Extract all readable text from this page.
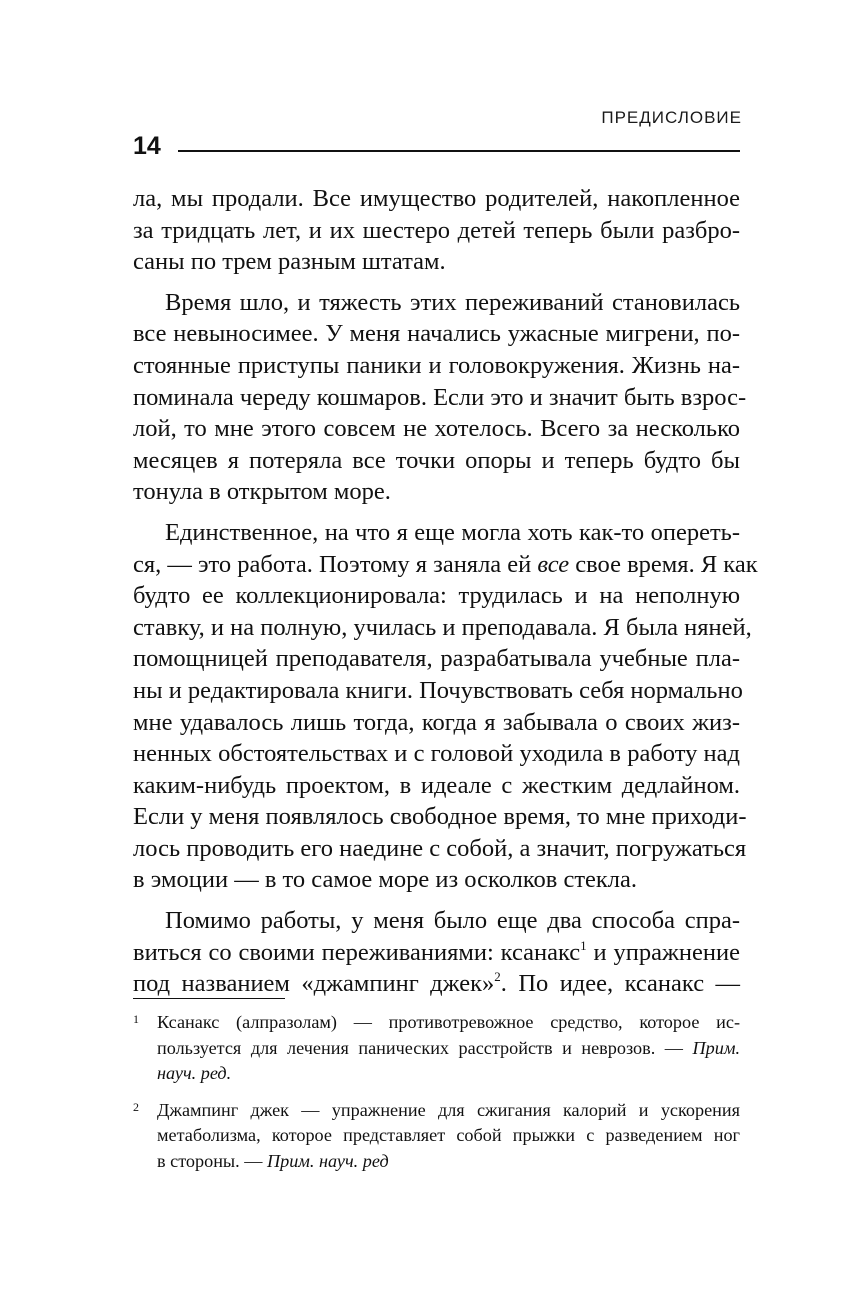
ПРЕДИСЛОВИЕ
14

ла, мы продали. Все имущество родителей, накопленное
за тридцать лет, и их шестеро детей теперь были разбро-
саны по трем разным штатам.

Время шло, и тяжесть этих переживаний становилась
все невыносимее. У меня начались ужасные мигрени, по-
стоянные приступы паники и головокружения. Жизнь на-
поминала череду кошмаров. Если это и значит быть взрос-
лой, то мне этого совсем не хотелось. Всего за несколько
месяцев я потеряла все точки опоры и теперь будто бы
тонула в открытом море.

Единственное, на что я еще могла хоть как-то опереть-
ся, — это работа. Поэтому я заняла ей все свое время. Я как
будто ее коллекционировала: трудилась и на неполную
ставку, и на полную, училась и преподавала. Я была няней,
помощницей преподавателя, разрабатывала учебные пла-
ны и редактировала книги. Почувствовать себя нормально
мне удавалось лишь тогда, когда я забывала о своих жиз-
ненных обстоятельствах и с головой уходила в работу над
каким-нибудь проектом, в идеале с жестким дедлайном.
Если у меня появлялось свободное время, то мне приходи-
лось проводить его наедине с собой, а значит, погружаться
в эмоции — в то самое море из осколков стекла.

Помимо работы, у меня было еще два способа спра-
виться со своими переживаниями: ксанакс$^1$ и упражнение
под названием «джампинг джек»$^2$. По идее, ксанакс —

1 Ксанакс (алпразолам) — противотревожное средство, которое ис-
пользуется для лечения панических расстройств и неврозов. — Прим.
науч. ред.

2 Джампинг джек — упражнение для сжигания калорий и ускорения
метаболизма, которое представляет собой прыжки с разведением ног
в стороны. — Прим. науч. ред
